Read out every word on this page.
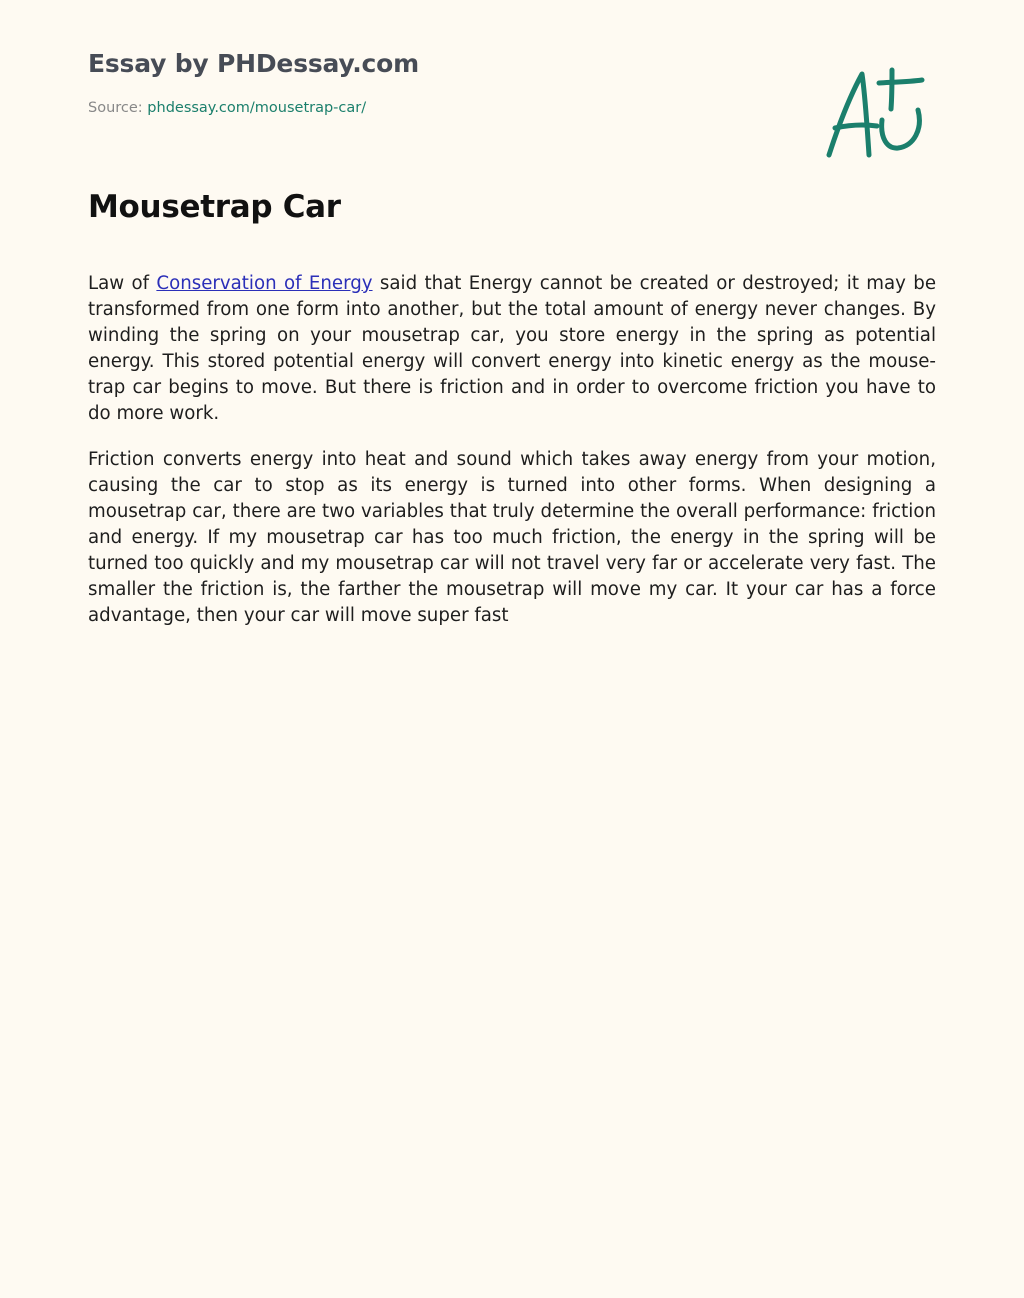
Essay by PHDessay.com
Source: phdessay.com/mousetrap-car/
Mousetrap Car

Law of Conservation of Energy said that Energy cannot be created or destroyed; it may be transformed from one form into another, but the total amount of energy never changes. By winding the spring on your mousetrap car, you store energy in the spring as potential energy. This stored potential energy will convert energy into kinetic energy as the mouse-trap car begins to move. But there is friction and in order to overcome friction you have to do more work.

Friction converts energy into heat and sound which takes away energy from your motion, causing the car to stop as its energy is turned into other forms. When designing a mousetrap car, there are two variables that truly determine the overall performance: friction and energy. If my mousetrap car has too much friction, the energy in the spring will be turned too quickly and my mousetrap car will not travel very far or accelerate very fast. The smaller the friction is, the farther the mousetrap will move my car. It your car has a force advantage, then your car will move super fast
